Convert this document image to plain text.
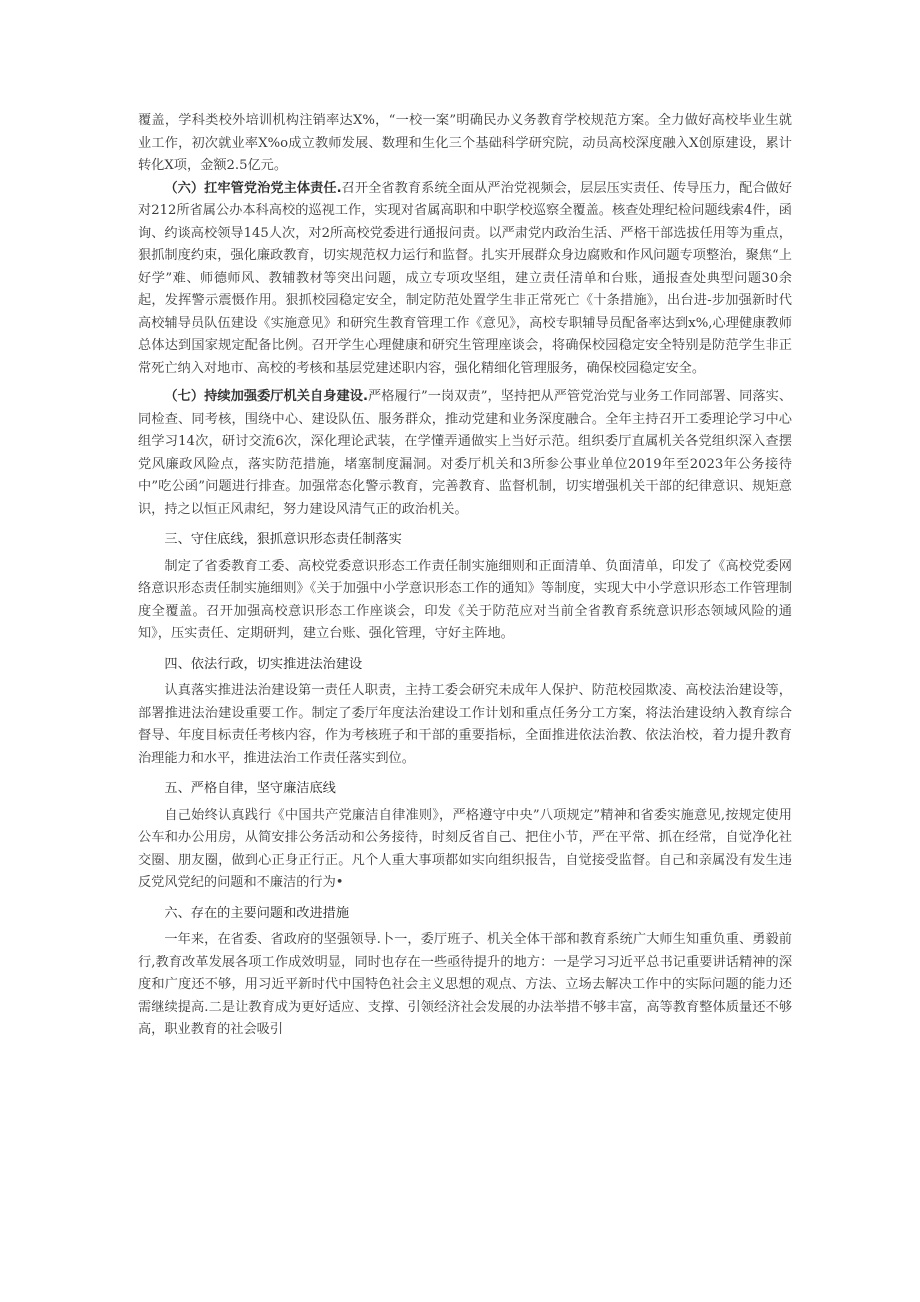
覆盖，学科类校外培训机构注销率达X%，“一校一案”明确民办义务教育学校规范方案。全力做好高校毕业生就业工作，初次就业率X%o成立教师发展、数理和生化三个基础科学研究院，动员高校深度融入X创原建设，累计转化X项，金额2.5亿元。

（六）扛牢管党治党主体责任.召开全省教育系统全面从严治党视频会，层层压实责任、传导压力，配合做好对212所省属公办本科高校的巡视工作，实现对省属高职和中职学校巡察全覆盖。核查处理纪检问题线索4件，函询、约谈高校领导145人次，对2所高校党委进行通报问责。以严肃党内政治生活、严格干部选拔任用等为重点，狠抓制度约束，强化廉政教育，切实规范权力运行和监督。扎实开展群众身边腐败和作风问题专项整治，聚焦“上好学”难、师德师风、教辅教材等突出问题，成立专项攻坚组，建立责任清单和台账，通报查处典型问题30余起，发挥警示震慑作用。狠抓校园稳定安全，制定防范处置学生非正常死亡《十条措施》，出台进-步加强新时代高校辅导员队伍建设《实施意见》和研究生教育管理工作《意见》，高校专职辅导员配备率达到x%,心理健康教师总体达到国家规定配备比例。召开学生心理健康和研究生管理座谈会，将确保校园稳定安全特别是防范学生非正常死亡纳入对地市、高校的考核和基层党建述职内容，强化精细化管理服务，确保校园稳定安全。

（七）持续加强委厅机关自身建设.严格履行”一岗双责”，坚持把从严管党治党与业务工作同部署、同落实、同检查、同考核，围绕中心、建设队伍、服务群众，推动党建和业务深度融合。全年主持召开工委理论学习中心组学习14次，研讨交流6次，深化理论武装，在学懂弄通做实上当好示范。组织委厅直属机关各党组织深入查摆党风廉政风险点，落实防范措施，堵塞制度漏洞。对委厅机关和3所参公事业单位2019年至2023年公务接待中”吃公函”问题进行排查。加强常态化警示教育，完善教育、监督机制，切实增强机关干部的纪律意识、规矩意识，持之以恒正风肃纪，努力建设风清气正的政治机关。

三、守住底线，狠抓意识形态责任制落实

制定了省委教育工委、高校党委意识形态工作责任制实施细则和正面清单、负面清单，印发了《高校党委网络意识形态责任制实施细则》《关于加强中小学意识形态工作的通知》等制度，实现大中小学意识形态工作管理制度全覆盖。召开加强高校意识形态工作座谈会，印发《关于防范应对当前全省教育系统意识形态领域风险的通知》，压实责任、定期研判，建立台账、强化管理，守好主阵地。

四、依法行政，切实推进法治建设

认真落实推进法治建设第一责任人职责，主持工委会研究未成年人保护、防范校园欺凌、高校法治建设等，部署推进法治建设重要工作。制定了委厅年度法治建设工作计划和重点任务分工方案，将法治建设纳入教育综合督导、年度目标责任考核内容，作为考核班子和干部的重要指标，全面推进依法治教、依法治校，着力提升教育治理能力和水平，推进法治工作责任落实到位。

五、严格自律，坚守廉洁底线

自己始终认真践行《中国共产党廉洁自律准则》，严格遵守中央”八项规定”精神和省委实施意见,按规定使用公车和办公用房，从简安排公务活动和公务接待，时刻反省自己、把住小节，严在平常、抓在经常，自觉净化社交圈、朋友圈，做到心正身正行正。凡个人重大事项都如实向组织报告，自觉接受监督。自己和亲属没有发生违反党风党纪的问题和不廉洁的行为•

六、存在的主要问题和改进措施

一年来，在省委、省政府的坚强领导.卜一，委厅班子、机关全体干部和教育系统广大师生知重负重、勇毅前行,教育改革发展各项工作成效明显，同时也存在一些亟待提升的地方：一是学习习近平总书记重要讲话精神的深度和广度还不够，用习近平新时代中国特色社会主义思想的观点、方法、立场去解决工作中的实际问题的能力还需继续提高.二是让教育成为更好适应、支撑、引领经济社会发展的办法举措不够丰富，高等教育整体质量还不够高，职业教育的社会吸引
